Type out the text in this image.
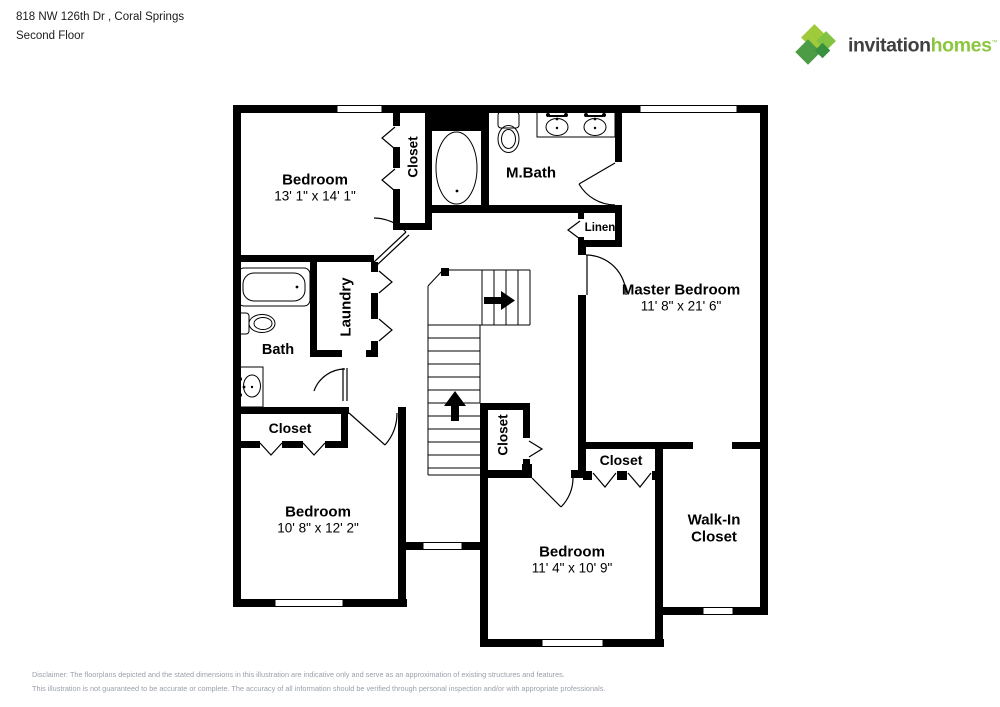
818 NW 126th Dr , Coral Springs
Second Floor	invitationhomes™
Bedroom
13' 1" x 14' 1"
Closet	M.Bath
Linen
Master Bedroom
11' 8" x 21' 6"
Laundry
Bath
Closet
Bedroom
10' 8" x 12' 2"
Closet
Closet
Bedroom
11' 4" x 10' 9"
Walk-In
Closet
Disclaimer: The floorplans depicted and the stated dimensions in this illustration are indicative only and serve as an approximation of existing structures and features.
This illustration is not guaranteed to be accurate or complete. The accuracy of all information should be verified through personal inspection and/or with appropriate professionals.
